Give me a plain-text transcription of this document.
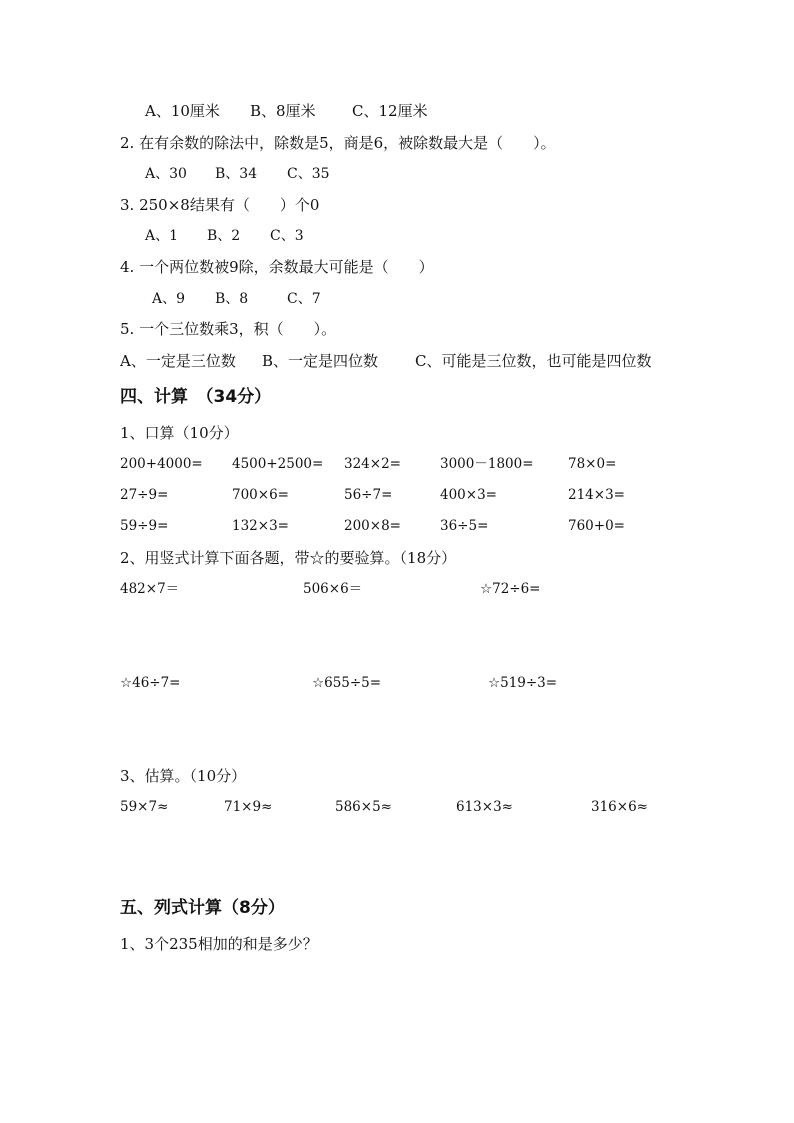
A、10厘米 B、8厘米 C、12厘米
2. 在有余数的除法中，除数是5，商是6，被除数最大是（　　）。
A、30 B、34 C、35
3. 250×8结果有（　　）个0
A、1 B、2 C、3
4. 一个两位数被9除，余数最大可能是（　　）
A、9 B、8	C、7
5. 一个三位数乘3，积（　　）。
A、一定是三位数 B、一定是四位数 C、可能是三位数，也可能是四位数
四、计算　（34分）
1、口算（10分）
200+4000= 4500+2500= 324×2=	3000－1800=	78×0=
27÷9=	700×6=	56÷7=	400×3=	214×3=
59÷9=	132×3=	200×8=	36÷5=	760+0=
2、用竖式计算下面各题，带☆的要验算。（18分）
482×7＝	506×6＝	☆72÷6=
☆46÷7=	☆655÷5=	☆519÷3=
3、估算。（10分）
59×7≈	71×9≈	586×5≈	613×3≈	316×6≈
五、列式计算（8分）
1、3个235相加的和是多少？
